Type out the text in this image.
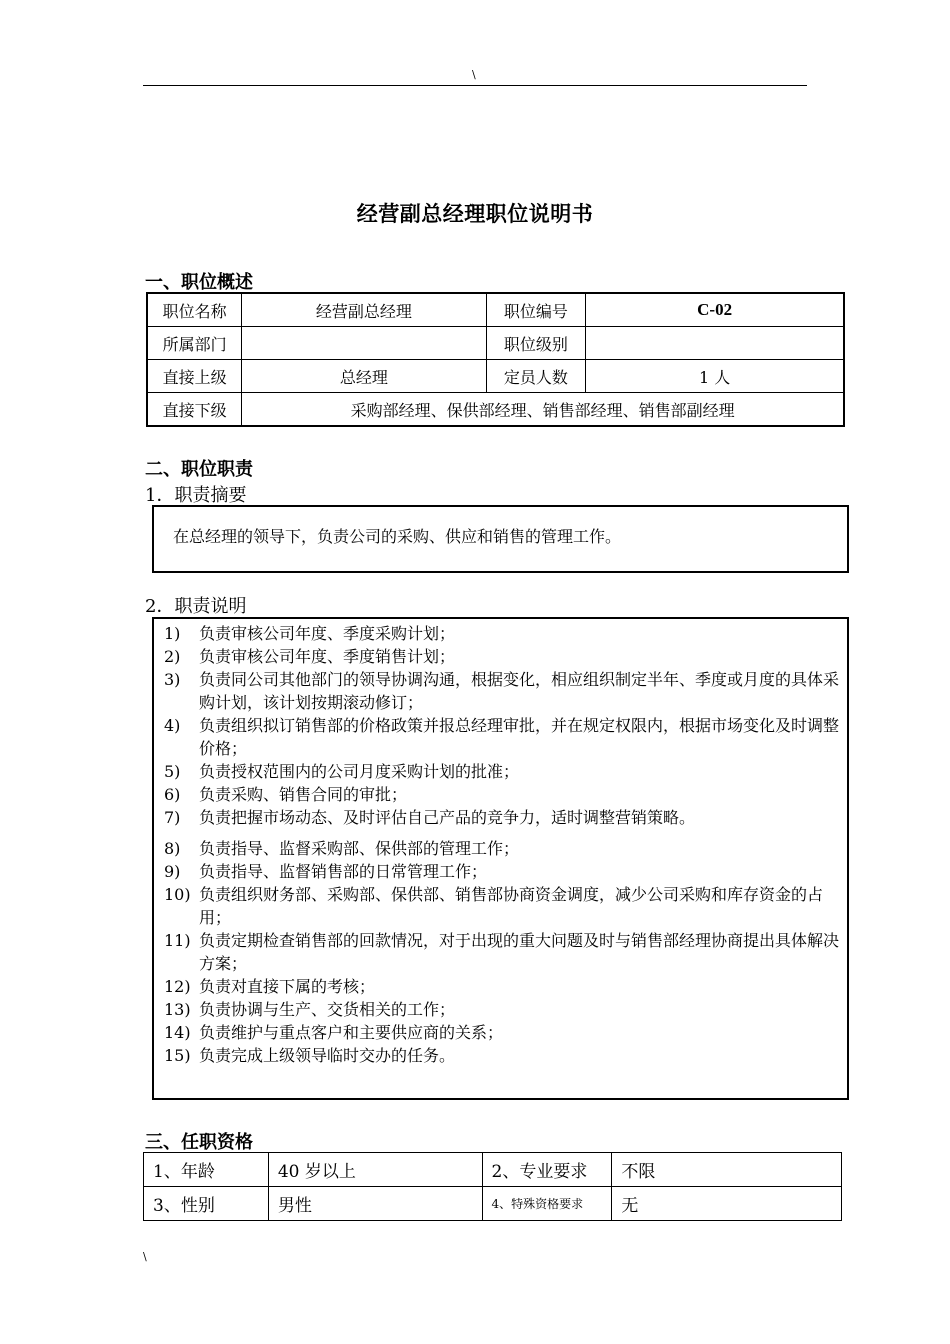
\
经营副总经理职位说明书
一、职位概述
职位名称	经营副总经理	职位编号	C-02
所属部门		职位级别	
直接上级	总经理	定员人数	1 人
直接下级	采购部经理、保供部经理、销售部经理、销售部副经理		
二、职位职责
1．职责摘要
在总经理的领导下，负责公司的采购、供应和销售的管理工作。
2．职责说明
1)	负责审核公司年度、季度采购计划；
2)	负责审核公司年度、季度销售计划；
3)	负责同公司其他部门的领导协调沟通，根据变化，相应组织制定半年、季度或月度的具体采购计划，该计划按期滚动修订；
4)	负责组织拟订销售部的价格政策并报总经理审批，并在规定权限内，根据市场变化及时调整价格；
5)	负责授权范围内的公司月度采购计划的批准；
6)	负责采购、销售合同的审批；
7)	负责把握市场动态、及时评估自己产品的竞争力，适时调整营销策略。
8)	负责指导、监督采购部、保供部的管理工作；
9)	负责指导、监督销售部的日常管理工作；
10) 负责组织财务部、采购部、保供部、销售部协商资金调度，减少公司采购和库存资金的占用；
11) 负责定期检查销售部的回款情况，对于出现的重大问题及时与销售部经理协商提出具体解决方案；
12) 负责对直接下属的考核；
13) 负责协调与生产、交货相关的工作；
14) 负责维护与重点客户和主要供应商的关系；
15) 负责完成上级领导临时交办的任务。
三、任职资格
1、年龄	40 岁以上	2、专业要求	不限
3、性别	男性	4、特殊资格要求	无
\
